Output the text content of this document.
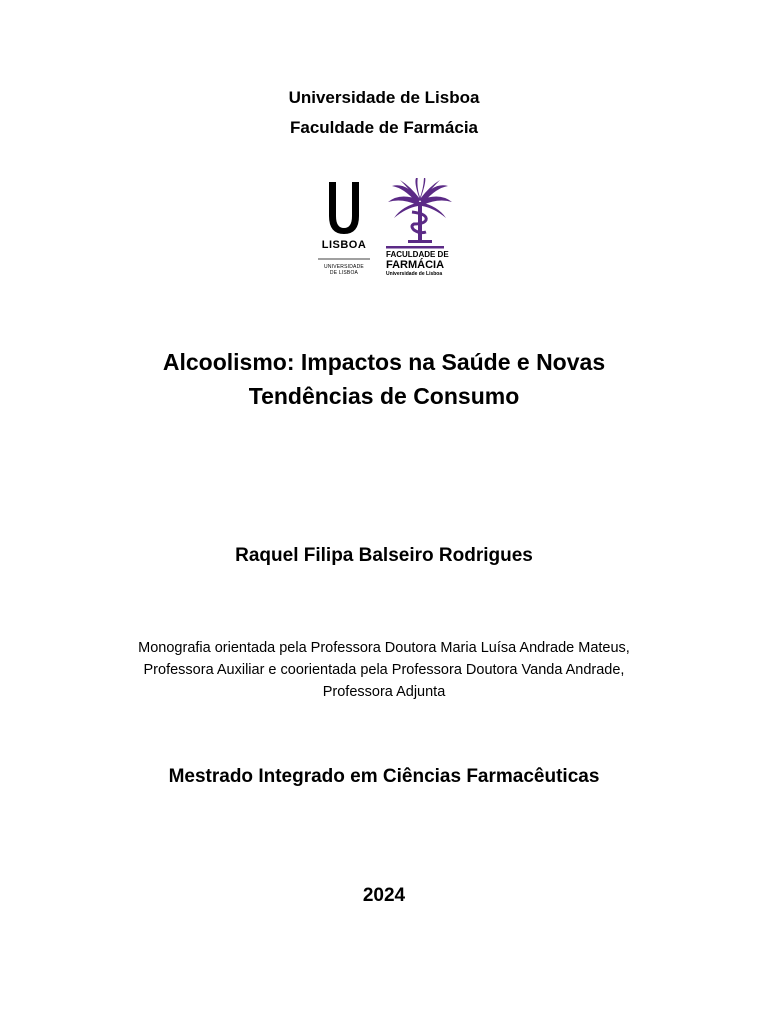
Universidade de Lisboa
Faculdade de Farmácia
LISBOA
UNIVERSIDADE
DE LISBOA
FACULDADE DE
FARMÁCIA
Universidade de Lisboa
Alcoolismo: Impactos na Saúde e Novas
Tendências de Consumo
Raquel Filipa Balseiro Rodrigues
Monografia orientada pela Professora Doutora Maria Luísa Andrade Mateus,
Professora Auxiliar e coorientada pela Professora Doutora Vanda Andrade,
Professora Adjunta
Mestrado Integrado em Ciências Farmacêuticas
2024
